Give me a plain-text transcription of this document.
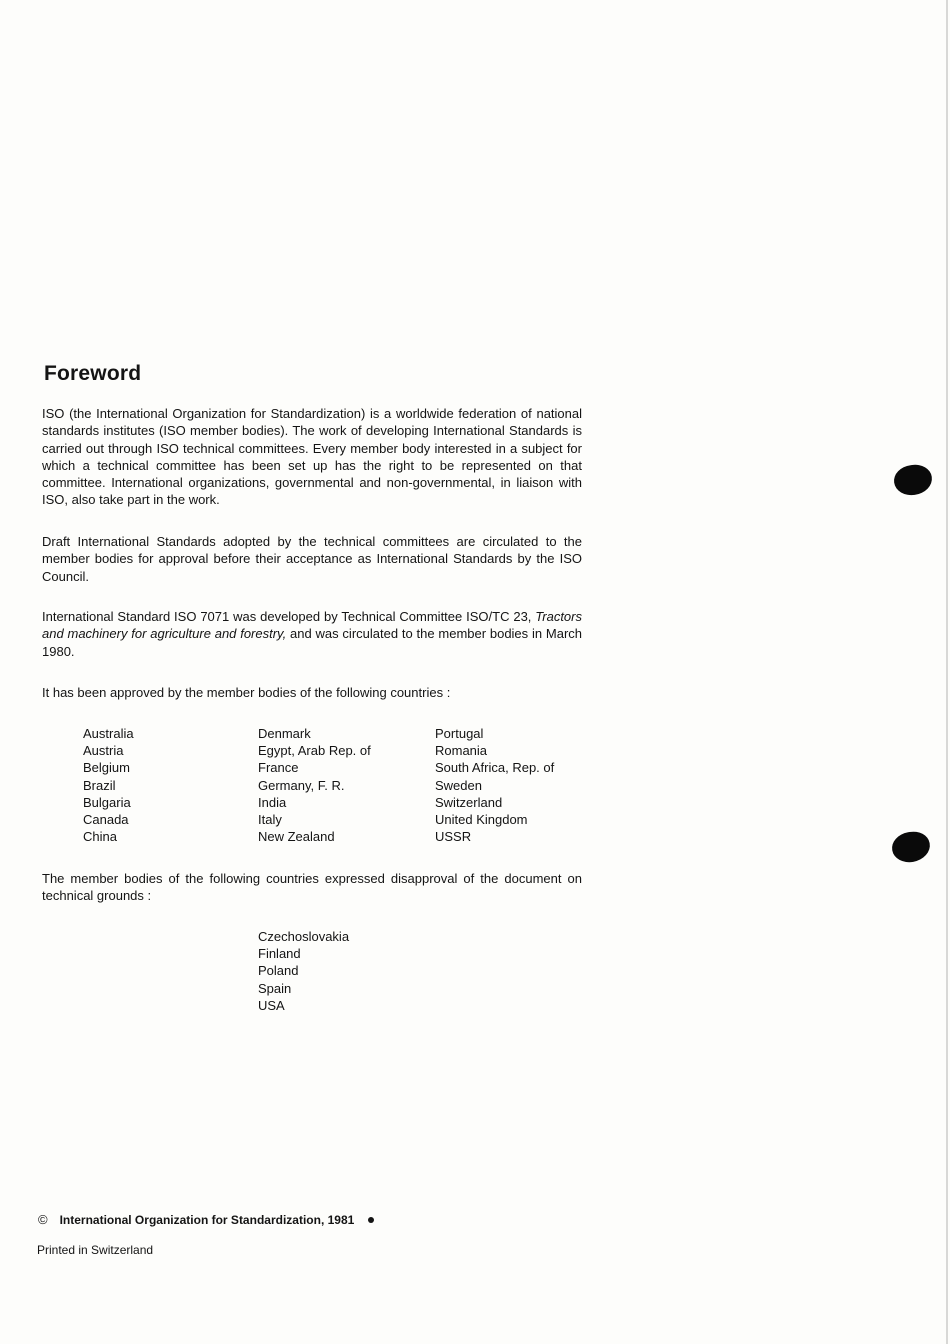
Foreword

ISO (the International Organization for Standardization) is a worldwide federation of national standards institutes (ISO member bodies). The work of developing International Standards is carried out through ISO technical committees. Every member body interested in a subject for which a technical committee has been set up has the right to be represented on that committee. International organizations, governmental and non-governmental, in liaison with ISO, also take part in the work.

Draft International Standards adopted by the technical committees are circulated to the member bodies for approval before their acceptance as International Standards by the ISO Council.

International Standard ISO 7071 was developed by Technical Committee ISO/TC 23, Tractors and machinery for agriculture and forestry, and was circulated to the member bodies in March 1980.

It has been approved by the member bodies of the following countries :

Australia
Austria
Belgium
Brazil
Bulgaria
Canada
China
Denmark
Egypt, Arab Rep. of
France
Germany, F. R.
India
Italy
New Zealand
Portugal
Romania
South Africa, Rep. of
Sweden
Switzerland
United Kingdom
USSR

The member bodies of the following countries expressed disapproval of the document on technical grounds :

Czechoslovakia
Finland
Poland
Spain
USA
© International Organization for Standardization, 1981
Printed in Switzerland
